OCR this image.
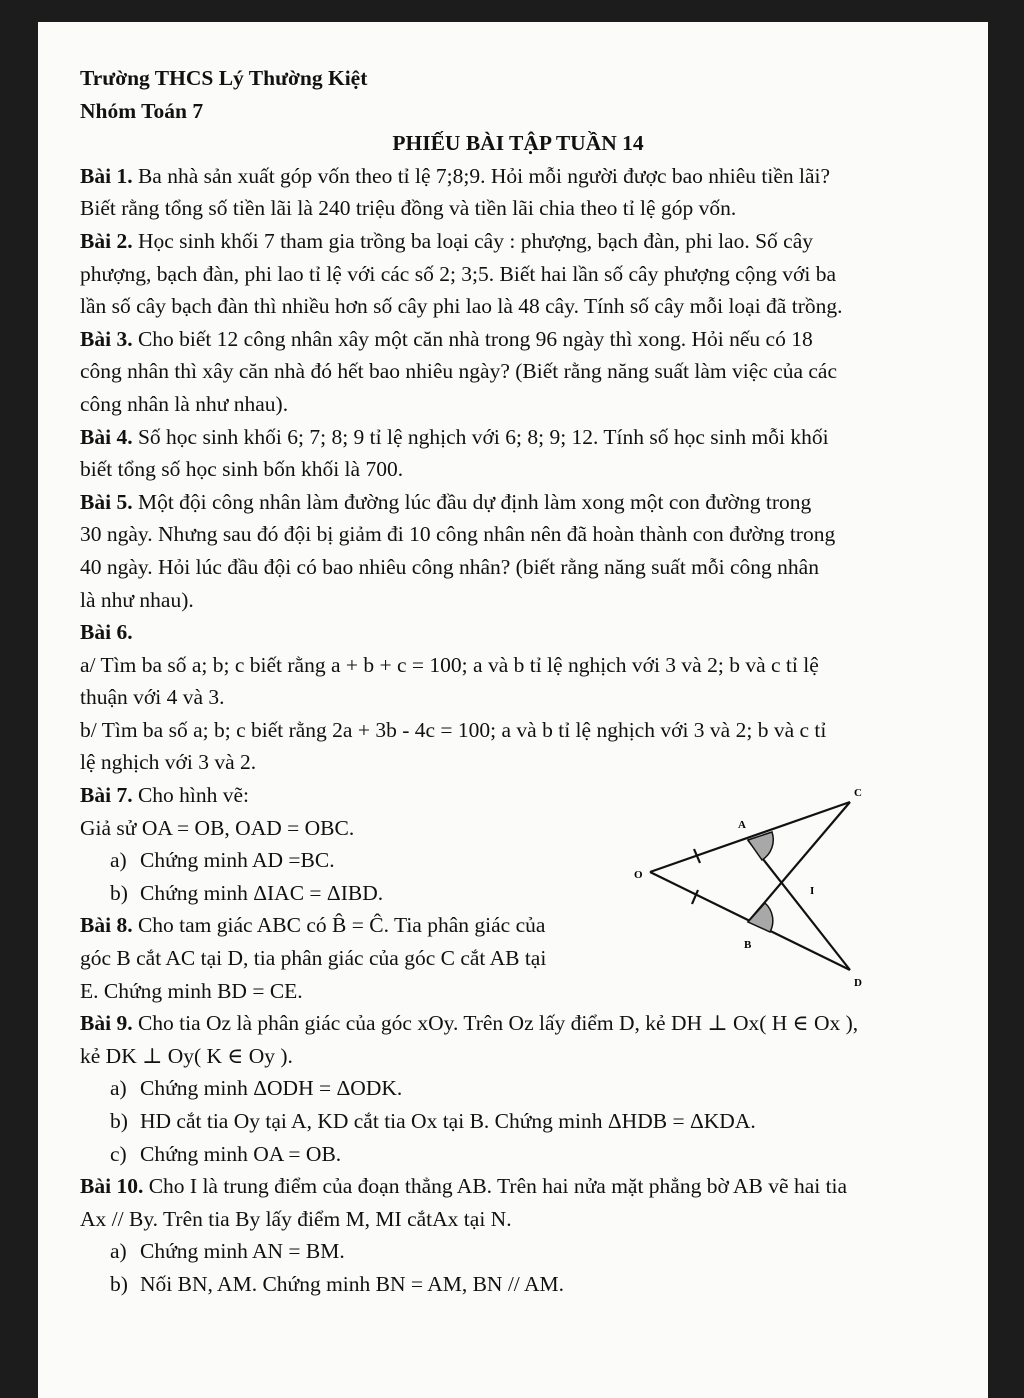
Trường THCS Lý Thường Kiệt

Nhóm Toán 7

PHIẾU BÀI TẬP TUẦN 14

Bài 1. Ba nhà sản xuất góp vốn theo tỉ lệ 7;8;9. Hỏi mỗi người được bao nhiêu tiền lãi?

Biết rằng tổng số tiền lãi là 240 triệu đồng và tiền lãi chia theo tỉ lệ góp vốn.

Bài 2. Học sinh khối 7 tham gia trồng ba loại cây : phượng, bạch đàn, phi lao. Số cây

phượng, bạch đàn, phi lao tỉ lệ với các số 2; 3;5. Biết hai lần số cây phượng cộng với ba

lần số cây bạch đàn thì nhiều hơn số cây phi lao là 48 cây. Tính số cây mỗi loại đã trồng.

Bài 3. Cho biết 12 công nhân xây một căn nhà trong 96 ngày thì xong. Hỏi nếu có 18

công nhân thì xây căn nhà đó hết bao nhiêu ngày? (Biết rằng năng suất làm việc của các

công nhân là như nhau).

Bài 4. Số học sinh khối 6; 7; 8; 9 tỉ lệ nghịch với 6; 8; 9; 12. Tính số học sinh mỗi khối

biết tổng số học sinh bốn khối là 700.

Bài 5. Một đội công nhân làm đường lúc đầu dự định làm xong một con đường trong

30 ngày. Nhưng sau đó đội bị giảm đi 10 công nhân nên đã hoàn thành con đường trong

40 ngày. Hỏi lúc đầu đội có bao nhiêu công nhân? (biết rằng năng suất mỗi công nhân

là như nhau).

Bài 6.

a/ Tìm ba số a; b; c biết rằng a + b + c = 100; a và b tỉ lệ nghịch với 3 và 2; b và c tỉ lệ

thuận với 4 và 3.

b/ Tìm ba số a; b; c biết rằng 2a + 3b - 4c = 100; a và b tỉ lệ nghịch với 3 và 2; b và c tỉ

lệ nghịch với 3 và 2.

Bài 7. Cho hình vẽ:

Giả sử OA = OB, OAD = OBC.

a) Chứng minh AD =BC.

b) Chứng minh ΔIAC = ΔIBD.

Bài 8. Cho tam giác ABC có B̂ = Ĉ. Tia phân giác của

góc B cắt AC tại D, tia phân giác của góc C cắt AB tại

E. Chứng minh BD = CE.

Bài 9. Cho tia Oz là phân giác của góc xOy. Trên Oz lấy điểm D, kẻ DH ⊥ Ox( H ∈ Ox ),

kẻ DK ⊥ Oy( K ∈ Oy ).

a) Chứng minh ΔODH = ΔODK.

b) HD cắt tia Oy tại A, KD cắt tia Ox tại B. Chứng minh ΔHDB = ΔKDA.

c) Chứng minh OA = OB.

Bài 10. Cho I là trung điểm của đoạn thẳng AB. Trên hai nửa mặt phẳng bờ AB vẽ hai tia

Ax // By. Trên tia By lấy điểm M, MI cắtAx tại N.

a) Chứng minh AN = BM.

b) Nối BN, AM. Chứng minh BN = AM, BN // AM.

C
A
O
I
B
D
